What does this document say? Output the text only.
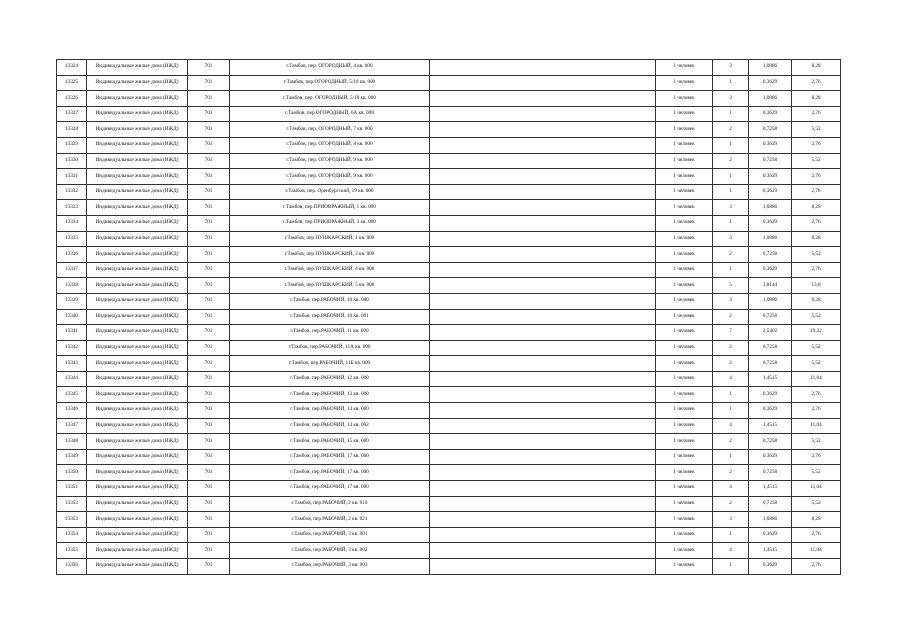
13324	Индивидуальные жилые дома (ИЖД)	701	г.Тамбов, пер. ОГОРОДНЫЙ, 4 кв. 000		1 человек	3	1,0886	8,28
13325	Индивидуальные жилые дома (ИЖД)	701	г.Тамбов, пер.ОГОРОДНЫЙ, 5/18 кв. 000		1 человек	1	0,3629	2,76
13326	Индивидуальные жилые дома (ИЖД)	701	г.Тамбов, пер. ОГОРОДНЫЙ, 5/18 кв. 000		1 человек	3	1,0886	8,28
13327	Индивидуальные жилые дома (ИЖД)	701	г.Тамбов, пер.ОГОРОДНЫЙ, 6А кв. 000		1 человек	1	0,3629	2,76
13328	Индивидуальные жилые дома (ИЖД)	701	г.Тамбов, пер. ОГОРОДНЫЙ, 7 кв. 000		1 человек	2	0,7258	5,52
13329	Индивидуальные жилые дома (ИЖД)	701	г.Тамбов, пер. ОГОРОДНЫЙ, 8 кв. 000		1 человек	1	0,3629	2,76
13330	Индивидуальные жилые дома (ИЖД)	701	г.Тамбов, пер. ОГОРОДНЫЙ, 9 кв. 000		1 человек	2	0,7258	5,52
13331	Индивидуальные жилые дома (ИЖД)	701	г.Тамбов, пер. ОГОРОДНЫЙ, 9 кв. 000		1 человек	1	0,3629	2,76
13332	Индивидуальные жилые дома (ИЖД)	701	г.Тамбов, пер. Оренбургский, 19 кв. 000		1 человек	1	0,3629	2,76
13333	Индивидуальные жилые дома (ИЖД)	701	г.Тамбов, пер.ПРИОВРАЖНЫЙ, 1 кв. 000		1 человек	3	1,0886	8,28
13334	Индивидуальные жилые дома (ИЖД)	701	г.Тамбов, пер.ПРИОВРАЖНЫЙ, 3 кв. 000		1 человек	1	0,3629	2,76
13335	Индивидуальные жилые дома (ИЖД)	701	г.Тамбов, пер.ПУШКАРСКИЙ, 1 кв. 000		1 человек	3	1,0886	8,28
13336	Индивидуальные жилые дома (ИЖД)	701	г.Тамбов, пер.ПУШКАРСКИЙ, 3 кв. 000		1 человек	2	0,7258	5,52
13337	Индивидуальные жилые дома (ИЖД)	701	г.Тамбов, пер.ПУШКАРСКИЙ, 4 кв. 000		1 человек	1	0,3629	2,76
13338	Индивидуальные жилые дома (ИЖД)	701	г.Тамбов, пер.ПУШКАРСКИЙ, 5 кв. 000		1 человек	5	1,8144	13,8
13339	Индивидуальные жилые дома (ИЖД)	701	г.Тамбов, пер.РАБОЧИЙ, 10 кв. 000		1 человек	3	1,0886	8,28
13340	Индивидуальные жилые дома (ИЖД)	701	г.Тамбов, пер.РАБОЧИЙ, 10 кв. 001		1 человек	2	0,7258	5,52
13341	Индивидуальные жилые дома (ИЖД)	701	г.Тамбов, пер.РАБОЧИЙ, 11 кв. 000		1 человек	7	2,5402	19,32
13342	Индивидуальные жилые дома (ИЖД)	701	г.Тамбов, пер.РАБОЧИЙ, 11А кв. 000		1 человек	2	0,7258	5,52
13343	Индивидуальные жилые дома (ИЖД)	701	г.Тамбов, пер.РАБОЧИЙ, 11Б кв. 000		1 человек	2	0,7258	5,52
13344	Индивидуальные жилые дома (ИЖД)	701	г.Тамбов, пер.РАБОЧИЙ, 12 кв. 000		1 человек	4	1,4515	11,04
13345	Индивидуальные жилые дома (ИЖД)	701	г.Тамбов, пер.РАБОЧИЙ, 13 кв. 000		1 человек	1	0,3629	2,76
13346	Индивидуальные жилые дома (ИЖД)	701	г.Тамбов, пер.РАБОЧИЙ, 14 кв. 000		1 человек	1	0,3629	2,76
13347	Индивидуальные жилые дома (ИЖД)	701	г.Тамбов, пер.РАБОЧИЙ, 14 кв. 002		1 человек	4	1,4515	11,04
13348	Индивидуальные жилые дома (ИЖД)	701	г.Тамбов, пер.РАБОЧИЙ, 15 кв. 000		1 человек	2	0,7258	5,52
13349	Индивидуальные жилые дома (ИЖД)	701	г.Тамбов, пер.РАБОЧИЙ, 17 кв. 000		1 человек	1	0,3629	2,76
13350	Индивидуальные жилые дома (ИЖД)	701	г.Тамбов, пер.РАБОЧИЙ, 17 кв. 000		1 человек	2	0,7258	5,52
13351	Индивидуальные жилые дома (ИЖД)	701	г.Тамбов, пер.РАБОЧИЙ, 17 кв. 000		1 человек	4	1,4515	11,04
13352	Индивидуальные жилые дома (ИЖД)	701	г.Тамбов, пер.РАБОЧИЙ, 2 кв. 010		1 человек	2	0,7258	5,52
13353	Индивидуальные жилые дома (ИЖД)	701	г.Тамбов, пер.РАБОЧИЙ, 2 кв. 021		1 человек	3	1,0886	8,28
13354	Индивидуальные жилые дома (ИЖД)	701	г.Тамбов, пер.РАБОЧИЙ, 3 кв. 001		1 человек	1	0,3629	2,76
13355	Индивидуальные жилые дома (ИЖД)	701	г.Тамбов, пер.РАБОЧИЙ, 3 кв. 002		1 человек	4	1,4515	11,04
13356	Индивидуальные жилые дома (ИЖД)	701	г.Тамбов, пер.РАБОЧИЙ, 3 кв. 003		1 человек	1	0,3629	2,76
